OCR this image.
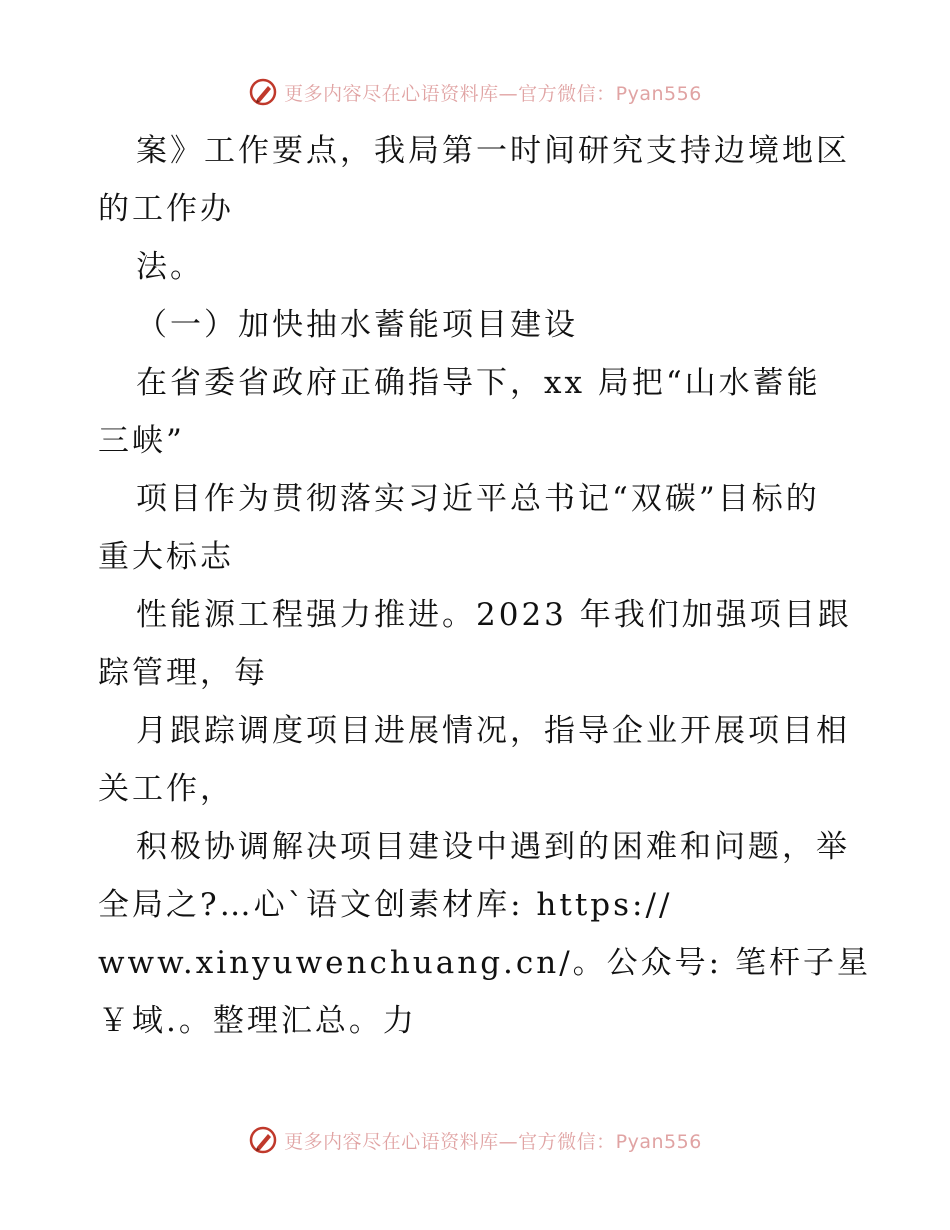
更多内容尽在心语资料库—官方微信：Pyan556
案》工作要点，我局第一时间研究支持边境地区
的工作办
法。
（一）加快抽水蓄能项目建设
在省委省政府正确指导下，xx 局把“山水蓄能
三峡”
项目作为贯彻落实习近平总书记“双碳”目标的
重大标志
性能源工程强力推进。2023 年我们加强项目跟
踪管理，每
月跟踪调度项目进展情况，指导企业开展项目相
关工作，
积极协调解决项目建设中遇到的困难和问题，举
全局之?…心`语文创素材库: https://
www.xinyuwenchuang.cn/。公众号: 笔杆子星
￥域.。整理汇总。力
更多内容尽在心语资料库—官方微信：Pyan556
